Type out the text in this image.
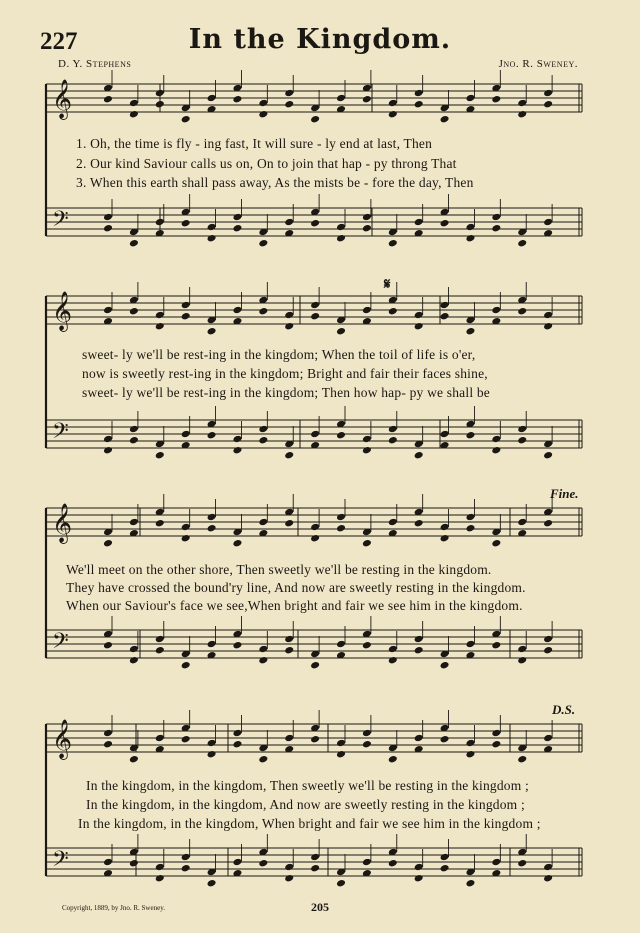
227	In the Kingdom.
D. Y. Stephens	Jno. R. Sweney.
𝄞
𝄢
𝄞
𝄢
𝄞
𝄢
𝄞
𝄢
1. Oh, the time is fly - ing fast, It will sure - ly end at last, Then
2. Our kind Saviour calls us on, On to join that hap - py throng That
3. When this earth shall pass away, As the mists be - fore the day, Then
sweet- ly we'll be rest-ing in the kingdom; When the toil of life is o'er,
now is sweetly rest-ing in the kingdom; Bright and fair their faces shine,
sweet- ly we'll be rest-ing in the kingdom; Then how hap- py we shall be
We'll meet on the other shore, Then sweetly we'll be resting in the kingdom.
They have crossed the bound'ry line, And now are sweetly resting in the kingdom.
When our Saviour's face we see,When bright and fair we see him in the kingdom.
In the kingdom, in the kingdom, Then sweetly we'll be resting in the kingdom ;
In the kingdom, in the kingdom, And now are sweetly resting in the kingdom ;
In the kingdom, in the kingdom, When bright and fair we see him in the kingdom ;
𝄋
Fine.
D.S.
Copyright, 1889, by Jno. R. Sweney.	205
